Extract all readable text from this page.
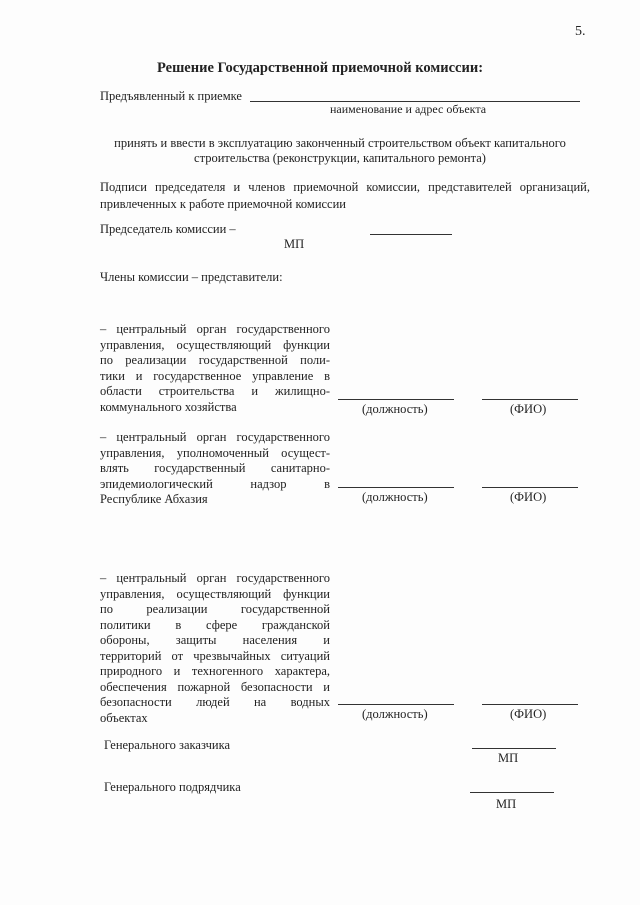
5.
Решение Государственной приемочной комиссии:
Предъявленный к приемке
наименование и адрес объекта
принять и ввести в эксплуатацию законченный строительством объект капитального
строительства (реконструкции, капитального ремонта)
Подписи председателя и членов приемочной комиссии, представителей организаций, привлеченных к работе приемочной комиссии
Председатель комиссии –
МП
Члены комиссии – представители:
– центральный орган государственного
управления, осуществляющий функции
по реализации государственной поли-
тики и государственное управление в
области строительства и жилищно-
коммунального хозяйства	(должность)	(ФИО)
– центральный орган государственного
управления, уполномоченный осущест-
влять государственный санитарно-
эпидемиологический надзор в
Республике Абхазия	(должность)	(ФИО)
– центральный орган государственного
управления, осуществляющий функции
по реализации государственной
политики в сфере гражданской
обороны, защиты населения и
территорий от чрезвычайных ситуаций
природного и техногенного характера,
обеспечения пожарной безопасности и
безопасности людей на водных
объектах	(должность)	(ФИО)
Генерального заказчика
МП
Генерального подрядчика
МП
